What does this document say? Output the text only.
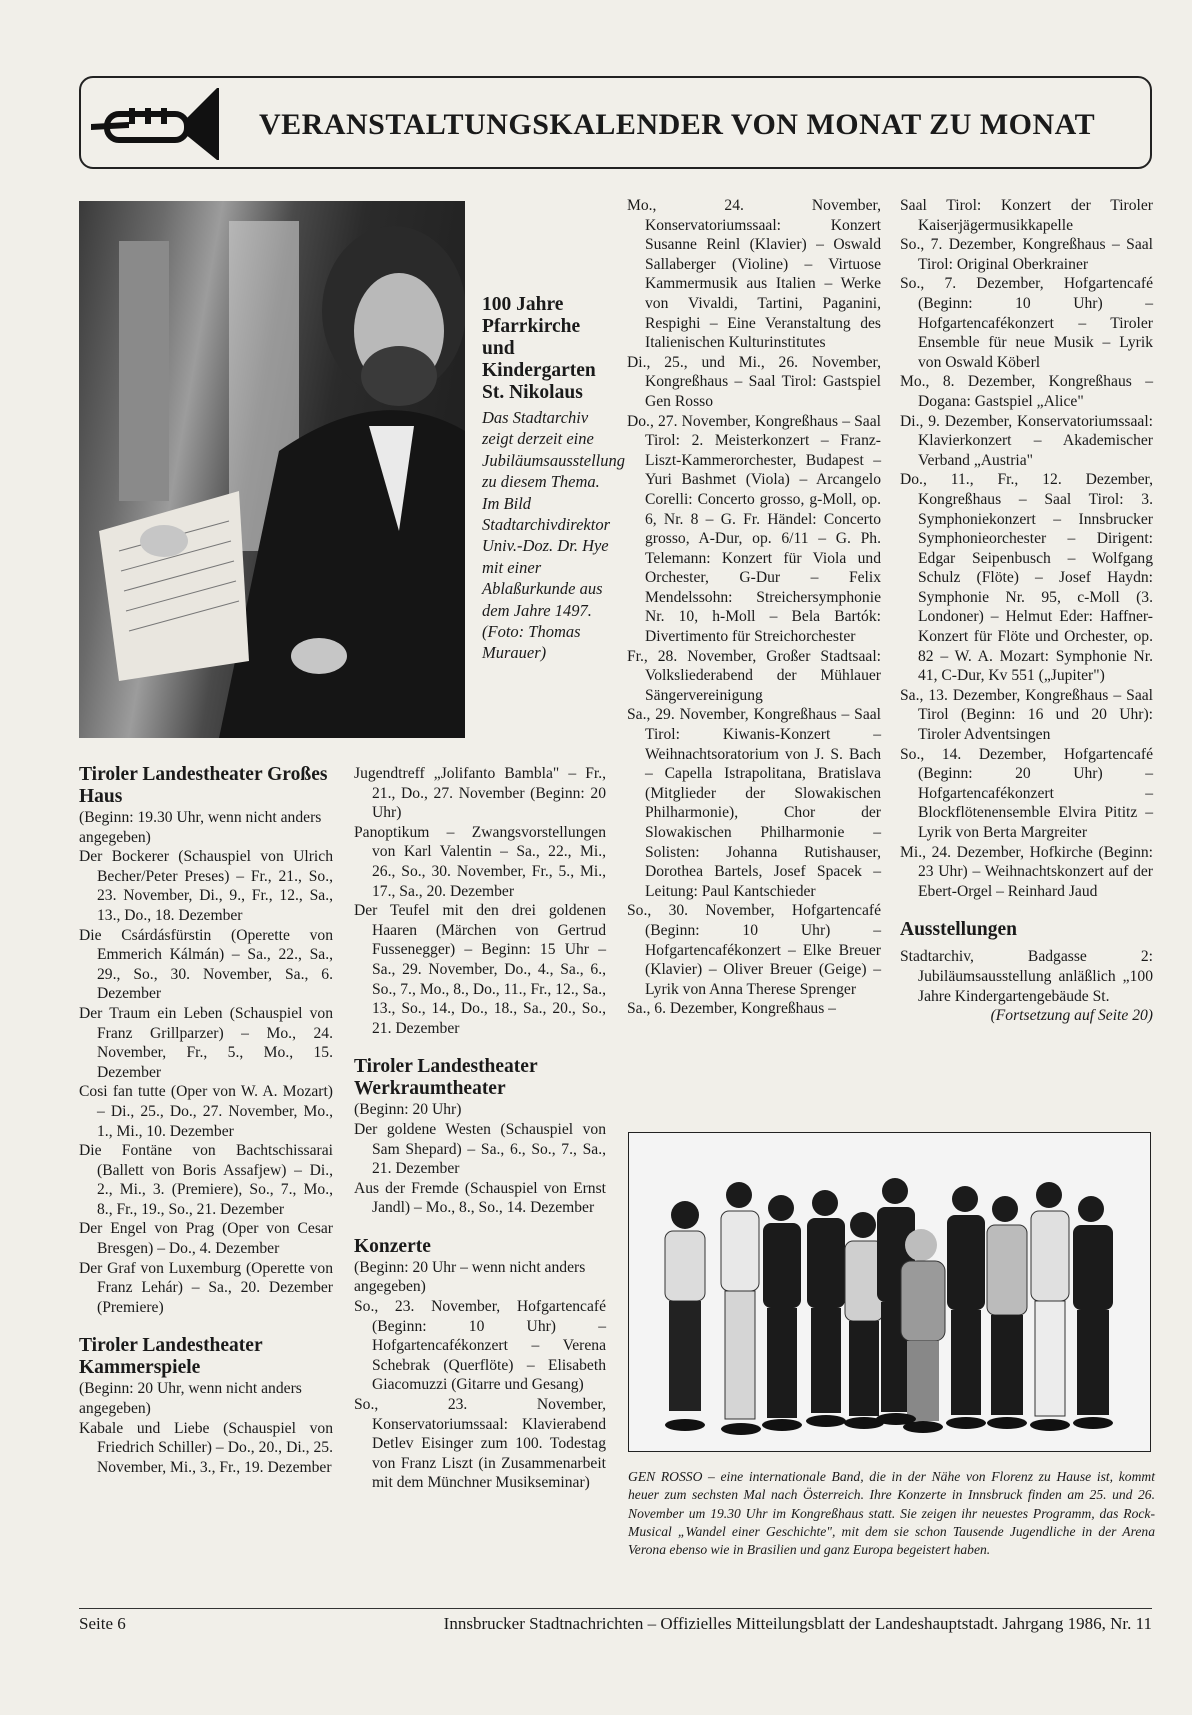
VERANSTALTUNGSKALENDER VON MONAT ZU MONAT
100 Jahre Pfarrkirche und Kindergarten St. Nikolaus
Das Stadtarchiv zeigt derzeit eine Jubiläumsausstellung zu diesem Thema. Im Bild Stadtarchivdirektor Univ.-Doz. Dr. Hye mit einer Ablaßurkunde aus dem Jahre 1497. (Foto: Thomas Murauer)
Tiroler Landestheater Großes Haus

(Beginn: 19.30 Uhr, wenn nicht anders angegeben)

Der Bockerer (Schauspiel von Ulrich Becher/Peter Preses) – Fr., 21., So., 23. November, Di., 9., Fr., 12., Sa., 13., Do., 18. Dezember

Die Csárdásfürstin (Operette von Emmerich Kálmán) – Sa., 22., Sa., 29., So., 30. November, Sa., 6. Dezember

Der Traum ein Leben (Schauspiel von Franz Grillparzer) – Mo., 24. November, Fr., 5., Mo., 15. Dezember

Cosi fan tutte (Oper von W. A. Mozart) – Di., 25., Do., 27. November, Mo., 1., Mi., 10. Dezember

Die Fontäne von Bachtschissarai (Ballett von Boris Assafjew) – Di., 2., Mi., 3. (Premiere), So., 7., Mo., 8., Fr., 19., So., 21. Dezember

Der Engel von Prag (Oper von Cesar Bresgen) – Do., 4. Dezember

Der Graf von Luxemburg (Operette von Franz Lehár) – Sa., 20. Dezember (Premiere)

Tiroler Landestheater Kammerspiele

(Beginn: 20 Uhr, wenn nicht anders angegeben)

Kabale und Liebe (Schauspiel von Friedrich Schiller) – Do., 20., Di., 25. November, Mi., 3., Fr., 19. Dezember

Jugendtreff „Jolifanto Bambla" – Fr., 21., Do., 27. November (Beginn: 20 Uhr)

Panoptikum – Zwangsvorstellungen von Karl Valentin – Sa., 22., Mi., 26., So., 30. November, Fr., 5., Mi., 17., Sa., 20. Dezember

Der Teufel mit den drei goldenen Haaren (Märchen von Gertrud Fussenegger) – Beginn: 15 Uhr – Sa., 29. November, Do., 4., Sa., 6., So., 7., Mo., 8., Do., 11., Fr., 12., Sa., 13., So., 14., Do., 18., Sa., 20., So., 21. Dezember

Tiroler Landestheater Werkraumtheater

(Beginn: 20 Uhr)

Der goldene Westen (Schauspiel von Sam Shepard) – Sa., 6., So., 7., Sa., 21. Dezember

Aus der Fremde (Schauspiel von Ernst Jandl) – Mo., 8., So., 14. Dezember

Konzerte

(Beginn: 20 Uhr – wenn nicht anders angegeben)

So., 23. November, Hofgartencafé (Beginn: 10 Uhr) – Hofgartencafékonzert – Verena Schebrak (Querflöte) – Elisabeth Giacomuzzi (Gitarre und Gesang)

So., 23. November, Konservatoriumssaal: Klavierabend Detlev Eisinger zum 100. Todestag von Franz Liszt (in Zusammenarbeit mit dem Münchner Musikseminar)

Mo., 24. November, Konservatoriumssaal: Konzert Susanne Reinl (Klavier) – Oswald Sallaberger (Violine) – Virtuose Kammermusik aus Italien – Werke von Vivaldi, Tartini, Paganini, Respighi – Eine Veranstaltung des Italienischen Kulturinstitutes

Di., 25., und Mi., 26. November, Kongreßhaus – Saal Tirol: Gastspiel Gen Rosso

Do., 27. November, Kongreßhaus – Saal Tirol: 2. Meisterkonzert – Franz-Liszt-Kammerorchester, Budapest – Yuri Bashmet (Viola) – Arcangelo Corelli: Concerto grosso, g-Moll, op. 6, Nr. 8 – G. Fr. Händel: Concerto grosso, A-Dur, op. 6/11 – G. Ph. Telemann: Konzert für Viola und Orchester, G-Dur – Felix Mendelssohn: Streichersymphonie Nr. 10, h-Moll – Bela Bartók: Divertimento für Streichorchester

Fr., 28. November, Großer Stadtsaal: Volksliederabend der Mühlauer Sängervereinigung

Sa., 29. November, Kongreßhaus – Saal Tirol: Kiwanis-Konzert – Weihnachtsoratorium von J. S. Bach – Capella Istrapolitana, Bratislava (Mitglieder der Slowakischen Philharmonie), Chor der Slowakischen Philharmonie – Solisten: Johanna Rutishauser, Dorothea Bartels, Josef Spacek – Leitung: Paul Kantschieder

So., 30. November, Hofgartencafé (Beginn: 10 Uhr) – Hofgartencafékonzert – Elke Breuer (Klavier) – Oliver Breuer (Geige) – Lyrik von Anna Therese Sprenger

Sa., 6. Dezember, Kongreßhaus –

Saal Tirol: Konzert der Tiroler Kaiserjägermusikkapelle

So., 7. Dezember, Kongreßhaus – Saal Tirol: Original Oberkrainer

So., 7. Dezember, Hofgartencafé (Beginn: 10 Uhr) – Hofgartencafékonzert – Tiroler Ensemble für neue Musik – Lyrik von Oswald Köberl

Mo., 8. Dezember, Kongreßhaus – Dogana: Gastspiel „Alice"

Di., 9. Dezember, Konservatoriumssaal: Klavierkonzert – Akademischer Verband „Austria"

Do., 11., Fr., 12. Dezember, Kongreßhaus – Saal Tirol: 3. Symphoniekonzert – Innsbrucker Symphonieorchester – Dirigent: Edgar Seipenbusch – Wolfgang Schulz (Flöte) – Josef Haydn: Symphonie Nr. 95, c-Moll (3. Londoner) – Helmut Eder: Haffner-Konzert für Flöte und Orchester, op. 82 – W. A. Mozart: Symphonie Nr. 41, C-Dur, Kv 551 („Jupiter")

Sa., 13. Dezember, Kongreßhaus – Saal Tirol (Beginn: 16 und 20 Uhr): Tiroler Adventsingen

So., 14. Dezember, Hofgartencafé (Beginn: 20 Uhr) – Hofgartencafékonzert – Blockflötenensemble Elvira Pititz – Lyrik von Berta Margreiter

Mi., 24. Dezember, Hofkirche (Beginn: 23 Uhr) – Weihnachtskonzert auf der Ebert-Orgel – Reinhard Jaud

Ausstellungen

Stadtarchiv, Badgasse 2: Jubiläumsausstellung anläßlich „100 Jahre Kindergartengebäude St.

(Fortsetzung auf Seite 20)

GEN ROSSO – eine internationale Band, die in der Nähe von Florenz zu Hause ist, kommt heuer zum sechsten Mal nach Österreich. Ihre Konzerte in Innsbruck finden am 25. und 26. November um 19.30 Uhr im Kongreßhaus statt. Sie zeigen ihr neuestes Programm, das Rock-Musical „Wandel einer Geschichte", mit dem sie schon Tausende Jugendliche in der Arena Verona ebenso wie in Brasilien und ganz Europa begeistert haben.
Seite 6	Innsbrucker Stadtnachrichten – Offizielles Mitteilungsblatt der Landeshauptstadt. Jahrgang 1986, Nr. 11
